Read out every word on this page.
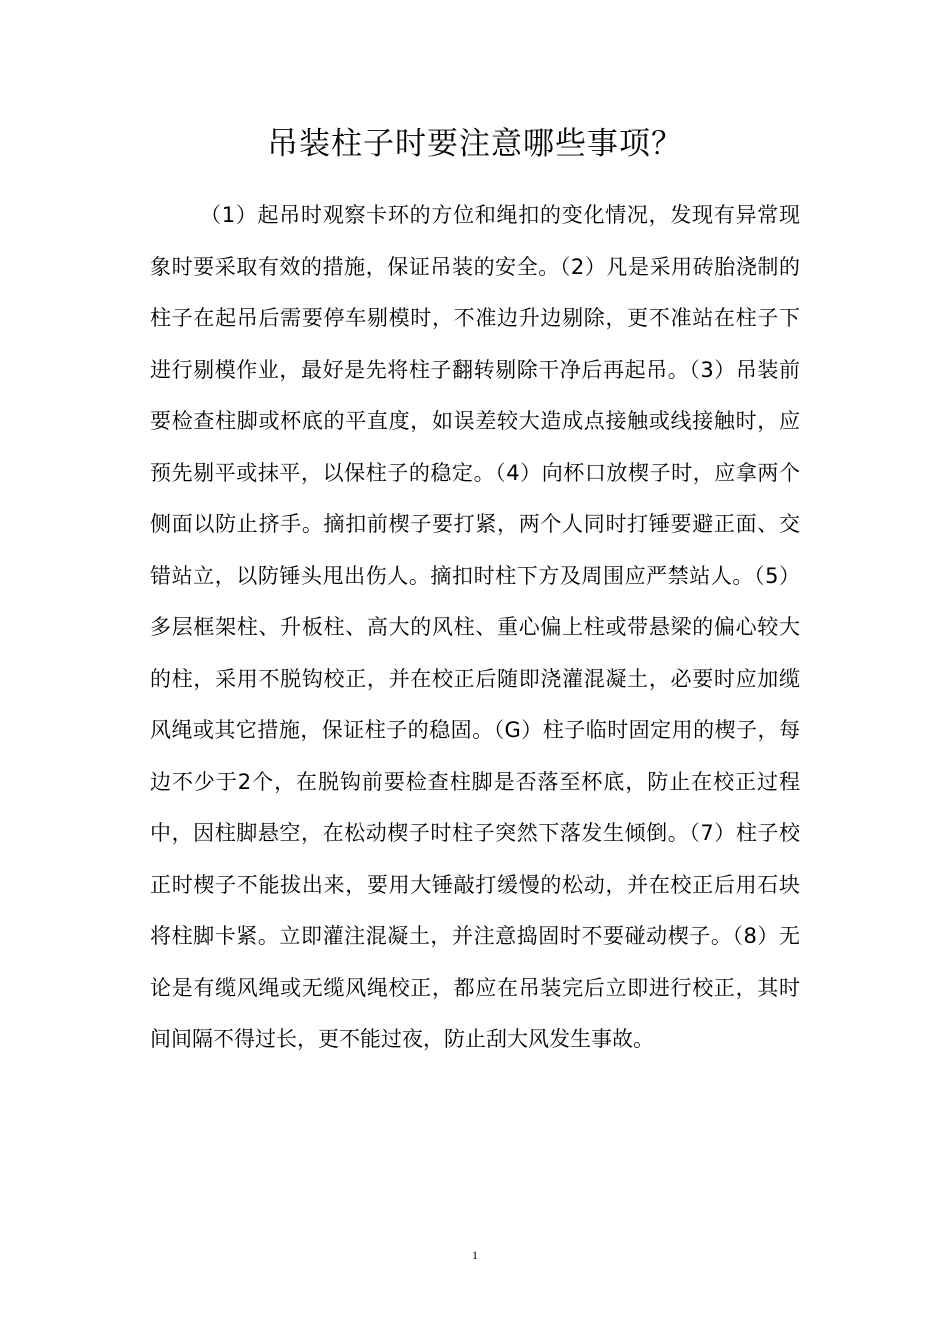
吊装柱子时要注意哪些事项？

（1）起吊时观察卡环的方位和绳扣的变化情况，发现有异常现象时要采取有效的措施，保证吊装的安全。（2）凡是采用砖胎浇制的柱子在起吊后需要停车剔模时，不准边升边剔除，更不准站在柱子下进行剔模作业，最好是先将柱子翻转剔除干净后再起吊。（3）吊装前要检查柱脚或杯底的平直度，如误差较大造成点接触或线接触时，应预先剔平或抹平，以保柱子的稳定。（4）向杯口放楔子时，应拿两个侧面以防止挤手。摘扣前楔子要打紧，两个人同时打锤要避正面、交错站立，以防锤头甩出伤人。摘扣时柱下方及周围应严禁站人。（5）多层框架柱、升板柱、高大的风柱、重心偏上柱或带悬梁的偏心较大的柱，采用不脱钩校正，并在校正后随即浇灌混凝土，必要时应加缆风绳或其它措施，保证柱子的稳固。（G）柱子临时固定用的楔子，每边不少于2个，在脱钩前要检查柱脚是否落至杯底，防止在校正过程中，因柱脚悬空，在松动楔子时柱子突然下落发生倾倒。（7）柱子校正时楔子不能拔出来，要用大锤敲打缓慢的松动，并在校正后用石块将柱脚卡紧。立即灌注混凝土，并注意捣固时不要碰动楔子。（8）无论是有缆风绳或无缆风绳校正，都应在吊装完后立即进行校正，其时间间隔不得过长，更不能过夜，防止刮大风发生事故。

1
